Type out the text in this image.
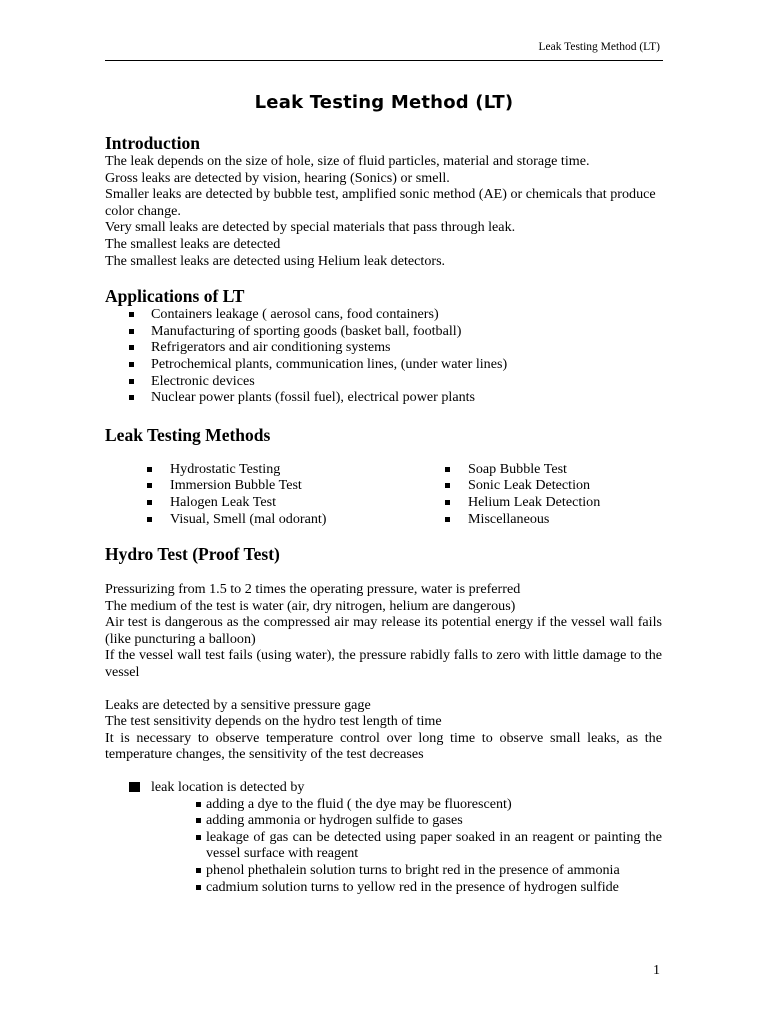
Leak Testing Method (LT)
Leak Testing Method (LT)
Introduction

The leak depends on the size of hole, size of fluid particles, material and storage time.

Gross leaks are detected by vision, hearing (Sonics) or smell.

Smaller leaks are detected by bubble test, amplified sonic method (AE) or chemicals that produce color change.

Very small leaks are detected by special materials that pass through leak.

The smallest leaks are detected

The smallest leaks are detected using Helium leak detectors.

Applications of LT
Containers leakage ( aerosol cans, food containers)
Manufacturing of sporting goods (basket ball, football)
Refrigerators and air conditioning systems
Petrochemical plants, communication lines, (under water lines)
Electronic devices
Nuclear power plants (fossil fuel), electrical power plants
Leak Testing Methods
Hydrostatic Testing
Immersion Bubble Test
Halogen Leak Test
Visual, Smell (mal odorant)
Soap Bubble Test
Sonic Leak Detection
Helium Leak Detection
Miscellaneous
Hydro Test (Proof Test)

Pressurizing from 1.5 to 2 times the operating pressure, water is preferred

The medium of the test is water (air, dry nitrogen, helium are dangerous)

Air test is dangerous as the compressed air may release its potential energy if the vessel wall fails (like puncturing a balloon)

If the vessel wall test fails (using water), the pressure rabidly falls to zero with little damage to the vessel

Leaks are detected by a sensitive pressure gage

The test sensitivity depends on the hydro test length of time

It is necessary to observe temperature control over long time to observe small leaks, as the temperature changes, the sensitivity of the test decreases

leak location is detected by
adding a dye to the fluid ( the dye may be fluorescent)
adding ammonia or hydrogen sulfide to gases
leakage of gas can be detected using paper soaked in an reagent or painting the vessel surface with reagent
phenol phethalein solution turns to bright red in the presence of ammonia
cadmium solution turns to yellow red in the presence of hydrogen sulfide
1
